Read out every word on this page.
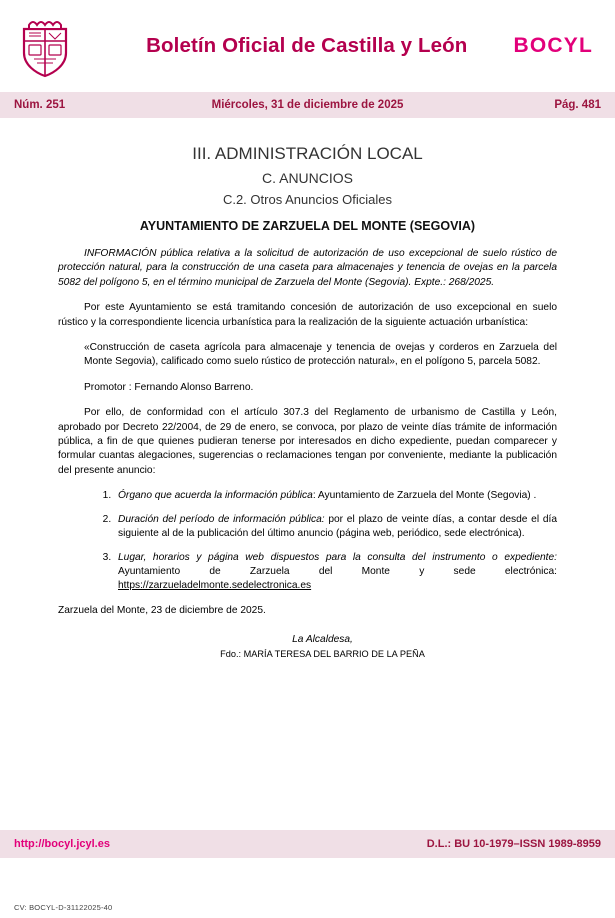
Boletín Oficial de Castilla y León	BOCYL
Núm. 251	Miércoles, 31 de diciembre de 2025	Pág. 481
III. ADMINISTRACIÓN LOCAL
C. ANUNCIOS
C.2. Otros Anuncios Oficiales
AYUNTAMIENTO DE ZARZUELA DEL MONTE (SEGOVIA)

INFORMACIÓN pública relativa a la solicitud de autorización de uso excepcional de suelo rústico de protección natural, para la construcción de una caseta para almacenajes y tenencia de ovejas en la parcela 5082 del polígono 5, en el término municipal de Zarzuela del Monte (Segovia). Expte.: 268/2025.

Por este Ayuntamiento se está tramitando concesión de autorización de uso excepcional en suelo rústico y la correspondiente licencia urbanística para la realización de la siguiente actuación urbanística:

«Construcción de caseta agrícola para almacenaje y tenencia de ovejas y corderos en Zarzuela del Monte Segovia), calificado como suelo rústico de protección natural», en el polígono 5, parcela 5082.

Promotor : Fernando Alonso Barreno.

Por ello, de conformidad con el artículo 307.3 del Reglamento de urbanismo de Castilla y León, aprobado por Decreto 22/2004, de 29 de enero, se convoca, por plazo de veinte días trámite de información pública, a fin de que quienes pudieran tenerse por interesados en dicho expediente, puedan comparecer y formular cuantas alegaciones, sugerencias o reclamaciones tengan por conveniente, mediante la publicación del presente anuncio:

1. Órgano que acuerda la información pública: Ayuntamiento de Zarzuela del Monte (Segovia) .
2. Duración del período de información pública: por el plazo de veinte días, a contar desde el día siguiente al de la publicación del último anuncio (página web, periódico, sede electrónica).
3. Lugar, horarios y página web dispuestos para la consulta del instrumento o expediente: Ayuntamiento de Zarzuela del Monte y sede electrónica: https://zarzueladelmonte.sedelectronica.es

Zarzuela del Monte, 23 de diciembre de 2025.

La Alcaldesa,
Fdo.: MARÍA TERESA DEL BARRIO DE LA PEÑA
http://bocyl.jcyl.es	D.L.: BU 10-1979–ISSN 1989-8959
CV: BOCYL-D-31122025-40
